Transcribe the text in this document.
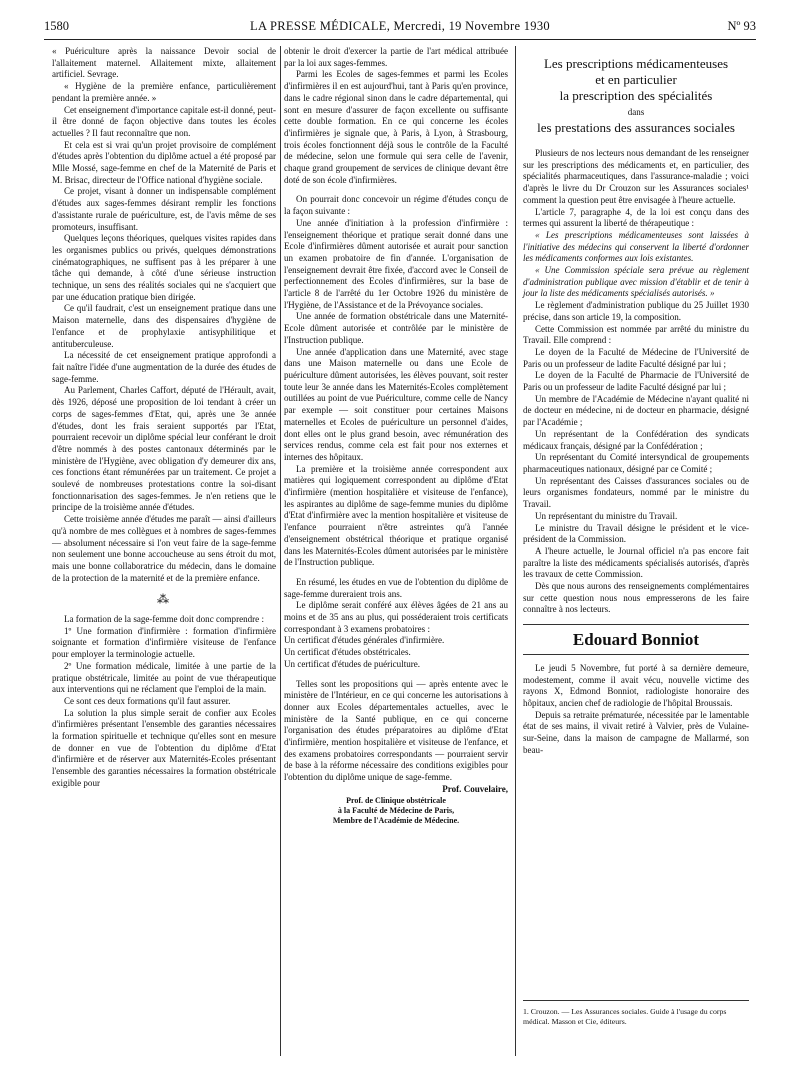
1580	LA PRESSE MÉDICALE, Mercredi, 19 Novembre 1930	Nº 93

« Puériculture après la naissance Devoir social de l'allaitement maternel. Allaitement mixte, allaitement artificiel. Sevrage.

« Hygiène de la première enfance, particulièrement pendant la première année. »

Cet enseignement d'importance capitale est-il donné, peut-il être donné de façon objective dans toutes les écoles actuelles ? Il faut reconnaître que non.

Et cela est si vrai qu'un projet provisoire de complément d'études après l'obtention du diplôme actuel a été proposé par Mlle Mossé, sage-femme en chef de la Maternité de Paris et M. Brisac, directeur de l'Office national d'hygiène sociale.

Ce projet, visant à donner un indispensable complément d'études aux sages-femmes désirant remplir les fonctions d'assistante rurale de puériculture, est, de l'avis même de ses promoteurs, insuffisant.

Quelques leçons théoriques, quelques visites rapides dans les organismes publics ou privés, quelques démonstrations cinématographiques, ne suffisent pas à les préparer à une tâche qui demande, à côté d'une sérieuse instruction technique, un sens des réalités sociales qui ne s'acquiert que par une éducation pratique bien dirigée.

Ce qu'il faudrait, c'est un enseignement pratique dans une Maison maternelle, dans des dispensaires d'hygiène de l'enfance et de prophylaxie antisyphilitique et antituberculeuse.

La nécessité de cet enseignement pratique approfondi a fait naître l'idée d'une augmentation de la durée des études de sage-femme.

Au Parlement, Charles Caffort, député de l'Hérault, avait, dès 1926, déposé une proposition de loi tendant à créer un corps de sages-femmes d'Etat, qui, après une 3e année d'études, dont les frais seraient supportés par l'Etat, pourraient recevoir un diplôme spécial leur conférant le droit d'être nommés à des postes cantonaux déterminés par le ministère de l'Hygiène, avec obligation d'y demeurer dix ans, ces fonctions étant rémunérées par un traitement. Ce projet a soulevé de nombreuses protestations contre la soi-disant fonctionnarisation des sages-femmes. Je n'en retiens que le principe de la troisième année d'études.

Cette troisième année d'études me paraît — ainsi d'ailleurs qu'à nombre de mes collègues et à nombres de sages-femmes — absolument nécessaire si l'on veut faire de la sage-femme non seulement une bonne accoucheuse au sens étroit du mot, mais une bonne collaboratrice du médecin, dans le domaine de la protection de la maternité et de la première enfance.

⁂

La formation de la sage-femme doit donc comprendre :

1º Une formation d'infirmière : formation d'infirmière soignante et formation d'infirmière visiteuse de l'enfance pour employer la terminologie actuelle.

2º Une formation médicale, limitée à une partie de la pratique obstétricale, limitée au point de vue thérapeutique aux interventions qui ne réclament que l'emploi de la main.

Ce sont ces deux formations qu'il faut assurer.

La solution la plus simple serait de confier aux Ecoles d'infirmières présentant l'ensemble des garanties nécessaires la formation spirituelle et technique qu'elles sont en mesure de donner en vue de l'obtention du diplôme d'Etat d'infirmière et de réserver aux Maternités-Ecoles présentant l'ensemble des garanties nécessaires la formation obstétricale exigible pour

obtenir le droit d'exercer la partie de l'art médical attribuée par la loi aux sages-femmes.

Parmi les Ecoles de sages-femmes et parmi les Ecoles d'infirmières il en est aujourd'hui, tant à Paris qu'en province, dans le cadre régional sinon dans le cadre départemental, qui sont en mesure d'assurer de façon excellente ou suffisante cette double formation. En ce qui concerne les écoles d'infirmières je signale que, à Paris, à Lyon, à Strasbourg, trois écoles fonctionnent déjà sous le contrôle de la Faculté de médecine, selon une formule qui sera celle de l'avenir, chaque grand groupement de services de clinique devant être doté de son école d'infirmières.

On pourrait donc concevoir un régime d'études conçu de la façon suivante :

Une année d'initiation à la profession d'infirmière : l'enseignement théorique et pratique serait donné dans une Ecole d'infirmières dûment autorisée et aurait pour sanction un examen probatoire de fin d'année. L'organisation de l'enseignement devrait être fixée, d'accord avec le Conseil de perfectionnement des Ecoles d'infirmières, sur la base de l'article 8 de l'arrêté du 1er Octobre 1926 du ministère de l'Hygiène, de l'Assistance et de la Prévoyance sociales.

Une année de formation obstétricale dans une Maternité-Ecole dûment autorisée et contrôlée par le ministère de l'Instruction publique.

Une année d'application dans une Maternité, avec stage dans une Maison maternelle ou dans une Ecole de puériculture dûment autorisées, les élèves pouvant, soit rester toute leur 3e année dans les Maternités-Ecoles complètement outillées au point de vue Puériculture, comme celle de Nancy par exemple — soit constituer pour certaines Maisons maternelles et Ecoles de puériculture un personnel d'aides, dont elles ont le plus grand besoin, avec rémunération des services rendus, comme cela est fait pour nos externes et internes des hôpitaux.

La première et la troisième année correspondent aux matières qui logiquement correspondent au diplôme d'Etat d'infirmière (mention hospitalière et visiteuse de l'enfance), les aspirantes au diplôme de sage-femme munies du diplôme d'Etat d'infirmière avec la mention hospitalière et visiteuse de l'enfance pourraient n'être astreintes qu'à l'année d'enseignement obstétrical théorique et pratique organisé dans les Maternités-Ecoles dûment autorisées par le ministère de l'Instruction publique.

En résumé, les études en vue de l'obtention du diplôme de sage-femme dureraient trois ans.

Le diplôme serait conféré aux élèves âgées de 21 ans au moins et de 35 ans au plus, qui posséderaient trois certificats correspondant à 3 examens probatoires :

Un certificat d'études générales d'infirmière.

Un certificat d'études obstétricales.

Un certificat d'études de puériculture.

Telles sont les propositions qui — après entente avec le ministère de l'Intérieur, en ce qui concerne les autorisations à donner aux Ecoles départementales actuelles, avec le ministère de la Santé publique, en ce qui concerne l'organisation des études préparatoires au diplôme d'Etat d'infirmière, mention hospitalière et visiteuse de l'enfance, et des examens probatoires correspondants — pourraient servir de base à la réforme nécessaire des conditions exigibles pour l'obtention du diplôme unique de sage-femme.

Prof. Couvelaire,

Prof. de Clinique obstétricale

à la Faculté de Médecine de Paris,

Membre de l'Académie de Médecine.

Les prescriptions médicamenteuses
et en particulier
la prescription des spécialités
dans
les prestations des assurances sociales

Plusieurs de nos lecteurs nous demandant de les renseigner sur les prescriptions des médicaments et, en particulier, des spécialités pharmaceutiques, dans l'assurance-maladie ; voici d'après le livre du Dr Crouzon sur les Assurances sociales¹ comment la question peut être envisagée à l'heure actuelle.

L'article 7, paragraphe 4, de la loi est conçu dans des termes qui assurent la liberté de thérapeutique :

« Les prescriptions médicamenteuses sont laissées à l'initiative des médecins qui conservent la liberté d'ordonner les médicaments conformes aux lois existantes.

« Une Commission spéciale sera prévue au règlement d'administration publique avec mission d'établir et de tenir à jour la liste des médicaments spécialisés autorisés. »

Le règlement d'administration publique du 25 Juillet 1930 précise, dans son article 19, la composition.

Cette Commission est nommée par arrêté du ministre du Travail. Elle comprend :

Le doyen de la Faculté de Médecine de l'Université de Paris ou un professeur de ladite Faculté désigné par lui ;

Le doyen de la Faculté de Pharmacie de l'Université de Paris ou un professeur de ladite Faculté désigné par lui ;

Un membre de l'Académie de Médecine n'ayant qualité ni de docteur en médecine, ni de docteur en pharmacie, désigné par l'Académie ;

Un représentant de la Confédération des syndicats médicaux français, désigné par la Confédération ;

Un représentant du Comité intersyndical de groupements pharmaceutiques nationaux, désigné par ce Comité ;

Un représentant des Caisses d'assurances sociales ou de leurs organismes fondateurs, nommé par le ministre du Travail.

Un représentant du ministre du Travail.

Le ministre du Travail désigne le président et le vice-président de la Commission.

A l'heure actuelle, le Journal officiel n'a pas encore fait paraître la liste des médicaments spécialisés autorisés, d'après les travaux de cette Commission.

Dès que nous aurons des renseignements complémentaires sur cette question nous nous empresserons de les faire connaître à nos lecteurs.

Edouard Bonniot

Le jeudi 5 Novembre, fut porté à sa dernière demeure, modestement, comme il avait vécu, nouvelle victime des rayons X, Edmond Bonniot, radiologiste honoraire des hôpitaux, ancien chef de radiologie de l'hôpital Broussais.

Depuis sa retraite prématurée, nécessitée par le lamentable état de ses mains, il vivait retiré à Valvier, près de Vulaine-sur-Seine, dans la maison de campagne de Mallarmé, son beau-

1. Crouzon. — Les Assurances sociales. Guide à l'usage du corps médical. Masson et Cie, éditeurs.
